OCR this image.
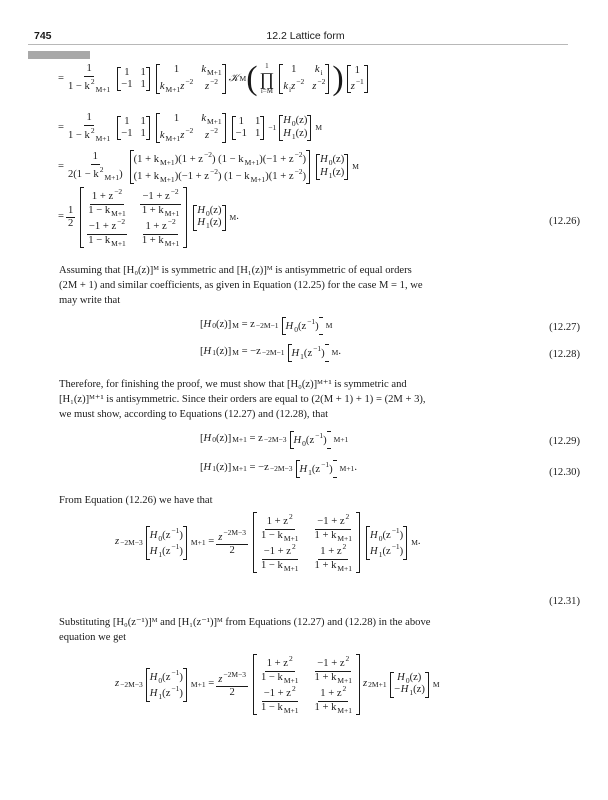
745	12.2 Lattice form
= $\frac{1}{1 - k^2_{M+1}} 1$ 1
−1 1
1	$k_{M+1}$
$k_{M+1}z^{-2}$	$z^{-2}$	𝒦 M ( 1
∏
i=M
1	$k_i$
$k_iz^{-2}$ $z^{-2}$ )	1
$z^{-1}$
= $\frac{1}{1 - k^2_{M+1}} 1$ 1
−1 1
1	$k_{M+1}$
$k_{M+1}z^{-2}$	$z^{-2}$
1 1
−1 1 −1
$H_0(z)$
$H_1(z)$ M
= $\frac{1}{2(1 - k^2_{M+1})} (1 + k_{M+1})(1 + z^{-2}) (1 - k_{M+1})(-1 + z^{-2})$
$(1 + k_{M+1})(-1 + z^{-2})$ $(1 - k_{M+1})(1 + z^{-2})$
$H_0(z)$
$H_1(z)$ M
= $\frac{1}{2}$
$\frac{1 + z^{-2}}{1 - k_{M+1}} \frac{-1 + z^{-2}}{1 + k_{M+1}}$
$\frac{-1 + z^{-2}}{1 - k_{M+1}} \frac{1 + z^{-2}}{1 + k_{M+1}}$
$H_0(z)$
$H_1(z)$ M .	(12.26)
Assuming that [H₀(z)]ᴹ is symmetric and [H₁(z)]ᴹ is antisymmetric of equal orders
(2M + 1) and similar coefficients, as given in Equation (12.25) for the case M = 1, we
may write that
[ H 0 (z) ] M
= z −2M−1 $H_0(z^{-1})$ M	(12.27)
[ H 1 (z) ] M
= −z −2M−1 $H_1(z^{-1})$ M .	(12.28)
Therefore, for finishing the proof, we must show that [H₀(z)]ᴹ⁺¹ is symmetric and
[H₁(z)]ᴹ⁺¹ is antisymmetric. Since their orders are equal to (2(M + 1) + 1) = (2M + 3),
we must show, according to Equations (12.27) and (12.28), that
[ H 0 (z) ] M+1
= z −2M−3 $H_0(z^{-1})$ M+1	(12.29)
[ H 1 (z) ] M+1
= −z −2M−3 $H_1(z^{-1})$ M+1 .	(12.30)
From Equation (12.26) we have that
z −2M−3
$H_0(z^{-1})$
$H_1(z^{-1})$
M+1
= $\frac{z^{-2M-3}}{2}$
$\frac{1 + z^2}{1 - k_{M+1}} \frac{-1 + z^2}{1 + k_{M+1}}$
$\frac{-1 + z^2}{1 - k_{M+1}} \frac{1 + z^2}{1 + k_{M+1}}$
$H_0(z^{-1})$
$H_1(z^{-1})$
M .
(12.31)
Substituting [H₀(z⁻¹)]ᴹ and [H₁(z⁻¹)]ᴹ from Equations (12.27) and (12.28) in the above
equation we get
z −2M−3
$H_0(z^{-1})$
$H_1(z^{-1})$
M+1
= $\frac{z^{-2M-3}}{2}$
$\frac{1 + z^2}{1 - k_{M+1}} \frac{-1 + z^2}{1 + k_{M+1}}$
$\frac{-1 + z^2}{1 - k_{M+1}} \frac{1 + z^2}{1 + k_{M+1}}$
z 2M+1
$H_0(z)$
$-H_1(z)$ M
